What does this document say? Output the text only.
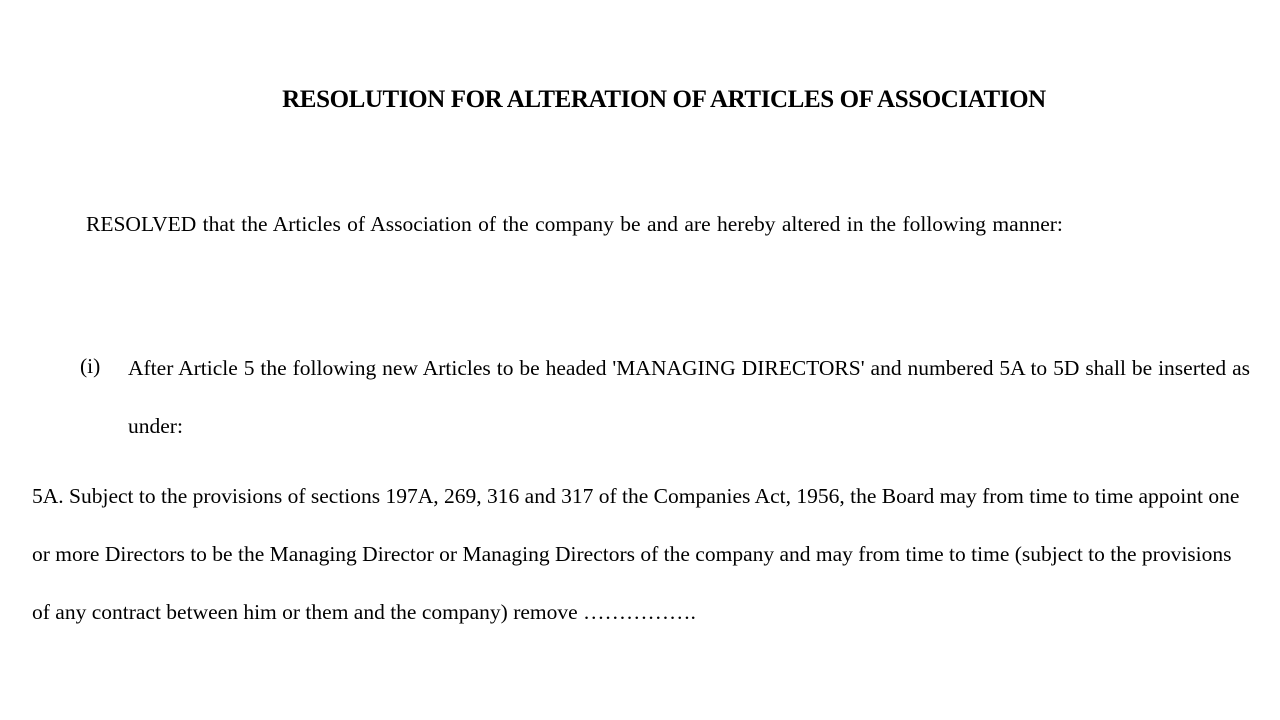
RESOLUTION FOR ALTERATION OF ARTICLES OF ASSOCIATION
RESOLVED that the Articles of Association of the company be and are hereby altered in the following manner:
(i) After Article 5 the following new Articles to be headed 'MANAGING DIRECTORS' and numbered 5A to 5D shall be inserted as under:
5A. Subject to the provisions of sections 197A, 269, 316 and 317 of the Companies Act, 1956, the Board may from time to time appoint one or more Directors to be the Managing Director or Managing Directors of the company and may from time to time (subject to the provisions of any contract between him or them and the company) remove …………….
